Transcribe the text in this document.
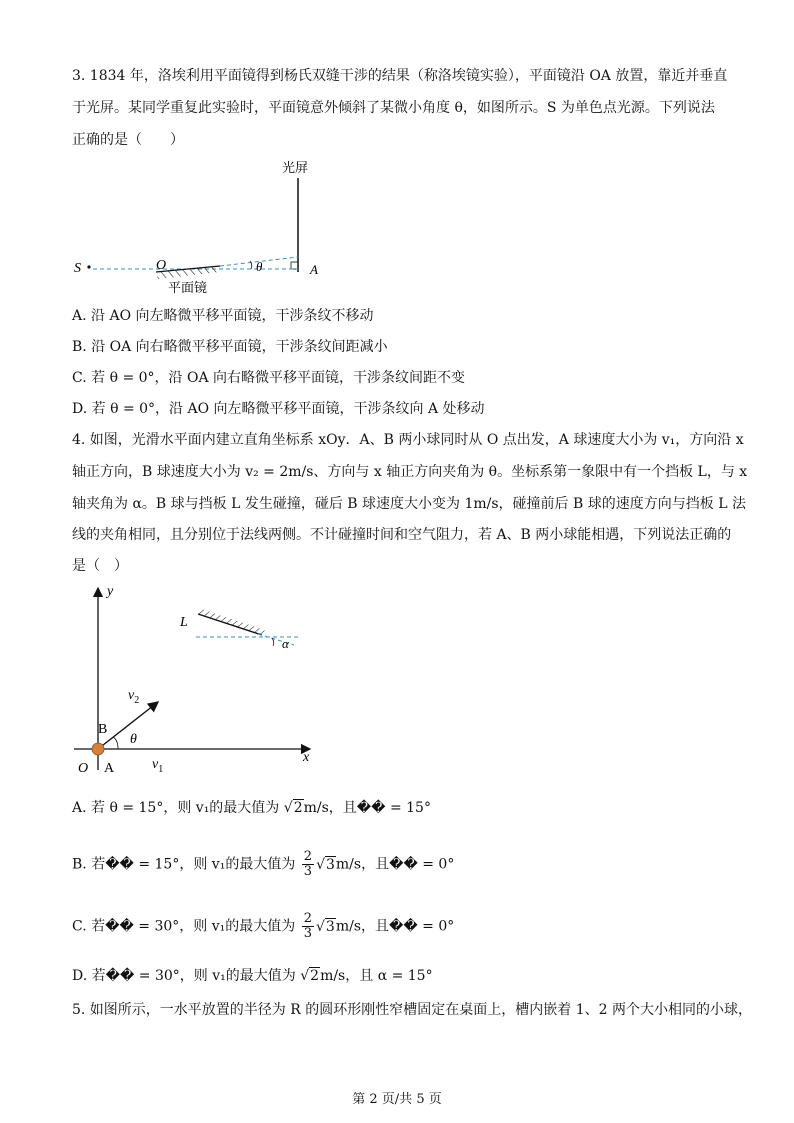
3. 1834 年，洛埃利用平面镜得到杨氏双缝干涉的结果（称洛埃镜实验），平面镜沿 OA 放置，靠近并垂直
于光屏。某同学重复此实验时，平面镜意外倾斜了某微小角度 θ，如图所示。S 为单色点光源。下列说法
正确的是（　　）
光屏
S	O	θ	A
平面镜
A. 沿 AO 向左略微平移平面镜，干涉条纹不移动
B. 沿 OA 向右略微平移平面镜，干涉条纹间距减小
C. 若 θ = 0°，沿 OA 向右略微平移平面镜，干涉条纹间距不变
D. 若 θ = 0°，沿 AO 向左略微平移平面镜，干涉条纹向 A 处移动
4. 如图，光滑水平面内建立直角坐标系 xOy．A、B 两小球同时从 O 点出发，A 球速度大小为 v₁，方向沿 x
轴正方向，B 球速度大小为 v₂ = 2m/s、方向与 x 轴正方向夹角为 θ。坐标系第一象限中有一个挡板 L，与 x
轴夹角为 α。B 球与挡板 L 发生碰撞，碰后 B 球速度大小变为 1m/s，碰撞前后 B 球的速度方向与挡板 L 法
线的夹角相同，且分别位于法线两侧。不计碰撞时间和空气阻力，若 A、B 两小球能相遇，下列说法正确的
是（　）
y
x
L
α
$v_2$
B
θ
O A	$v_1$
A. 若 θ = 15°，则 v₁的最大值为 √2m/s，且�� = 15°
B. 若�� = 15°，则 v₁的最大值为 $\frac{2}{3} √3m/s$，且�� = 0°
C. 若�� = 30°，则 v₁的最大值为 $\frac{2}{3} √3m/s$，且�� = 0°
D. 若�� = 30°，则 v₁的最大值为 √2m/s，且 α = 15°
5. 如图所示，一水平放置的半径为 R 的圆环形刚性窄槽固定在桌面上，槽内嵌着 1、2 两个大小相同的小球，
第 2 页/共 5 页
